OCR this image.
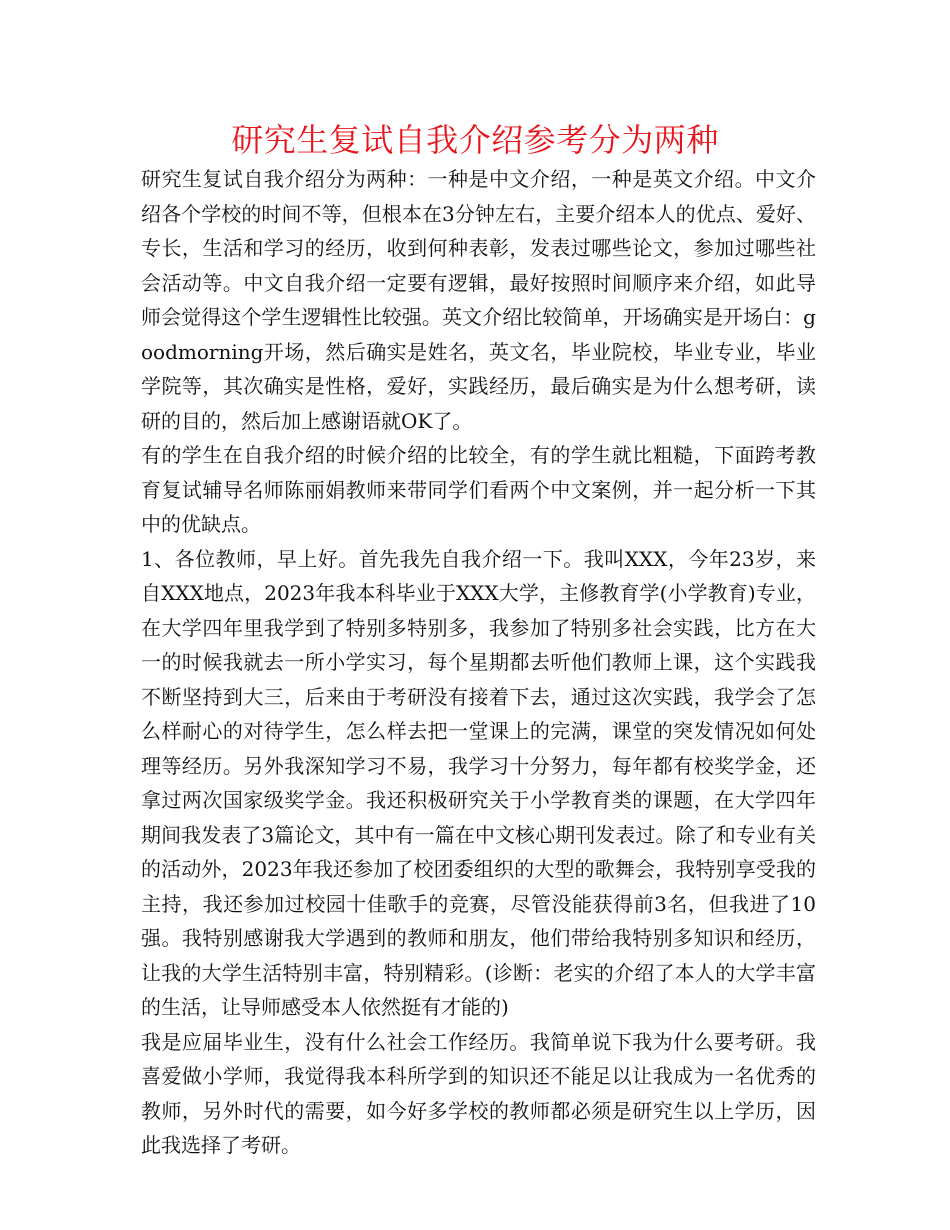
研究生复试自我介绍参考分为两种

研究生复试自我介绍分为两种：一种是中文介绍，一种是英文介绍。中文介绍各个学校的时间不等，但根本在3分钟左右，主要介绍本人的优点、爱好、专长，生活和学习的经历，收到何种表彰，发表过哪些论文，参加过哪些社会活动等。中文自我介绍一定要有逻辑，最好按照时间顺序来介绍，如此导师会觉得这个学生逻辑性比较强。英文介绍比较简单，开场确实是开场白：goodmorning开场，然后确实是姓名，英文名，毕业院校，毕业专业，毕业学院等，其次确实是性格，爱好，实践经历，最后确实是为什么想考研，读研的目的，然后加上感谢语就OK了。

有的学生在自我介绍的时候介绍的比较全，有的学生就比粗糙，下面跨考教育复试辅导名师陈丽娟教师来带同学们看两个中文案例，并一起分析一下其中的优缺点。

1、各位教师，早上好。首先我先自我介绍一下。我叫XXX，今年23岁，来自XXX地点，2023年我本科毕业于XXX大学，主修教育学(小学教育)专业，在大学四年里我学到了特别多特别多，我参加了特别多社会实践，比方在大一的时候我就去一所小学实习，每个星期都去听他们教师上课，这个实践我不断坚持到大三，后来由于考研没有接着下去，通过这次实践，我学会了怎么样耐心的对待学生，怎么样去把一堂课上的完满，课堂的突发情况如何处理等经历。另外我深知学习不易，我学习十分努力，每年都有校奖学金，还拿过两次国家级奖学金。我还积极研究关于小学教育类的课题，在大学四年期间我发表了3篇论文，其中有一篇在中文核心期刊发表过。除了和专业有关的活动外，2023年我还参加了校团委组织的大型的歌舞会，我特别享受我的主持，我还参加过校园十佳歌手的竞赛，尽管没能获得前3名，但我进了10强。我特别感谢我大学遇到的教师和朋友，他们带给我特别多知识和经历，让我的大学生活特别丰富，特别精彩。(诊断：老实的介绍了本人的大学丰富的生活，让导师感受本人依然挺有才能的)

我是应届毕业生，没有什么社会工作经历。我简单说下我为什么要考研。我喜爱做小学师，我觉得我本科所学到的知识还不能足以让我成为一名优秀的教师，另外时代的需要，如今好多学校的教师都必须是研究生以上学历，因此我选择了考研。
